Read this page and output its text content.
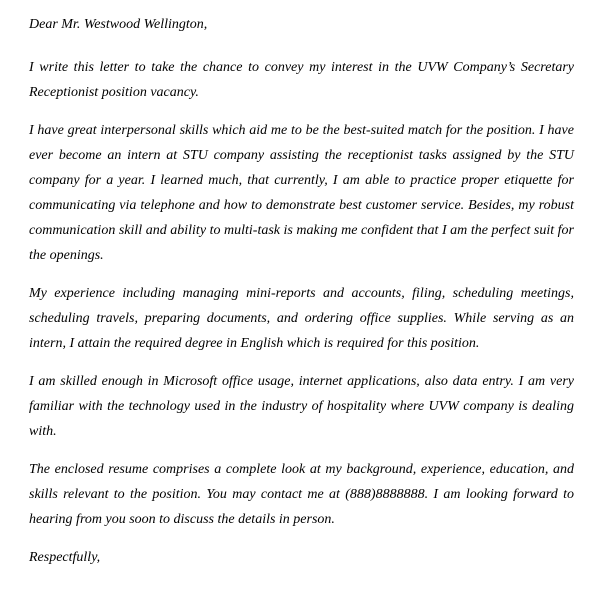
Dear Mr. Westwood Wellington,

I write this letter to take the chance to convey my interest in the UVW Company’s Secretary Receptionist position vacancy.

I have great interpersonal skills which aid me to be the best-suited match for the position. I have ever become an intern at STU company assisting the receptionist tasks assigned by the STU company for a year. I learned much, that currently, I am able to practice proper etiquette for communicating via telephone and how to demonstrate best customer service. Besides, my robust communication skill and ability to multi-task is making me confident that I am the perfect suit for the openings.

My experience including managing mini-reports and accounts, filing, scheduling meetings, scheduling travels, preparing documents, and ordering office supplies. While serving as an intern, I attain the required degree in English which is required for this position.

I am skilled enough in Microsoft office usage, internet applications, also data entry. I am very familiar with the technology used in the industry of hospitality where UVW company is dealing with.

The enclosed resume comprises a complete look at my background, experience, education, and skills relevant to the position. You may contact me at (888)8888888. I am looking forward to hearing from you soon to discuss the details in person.

Respectfully,
